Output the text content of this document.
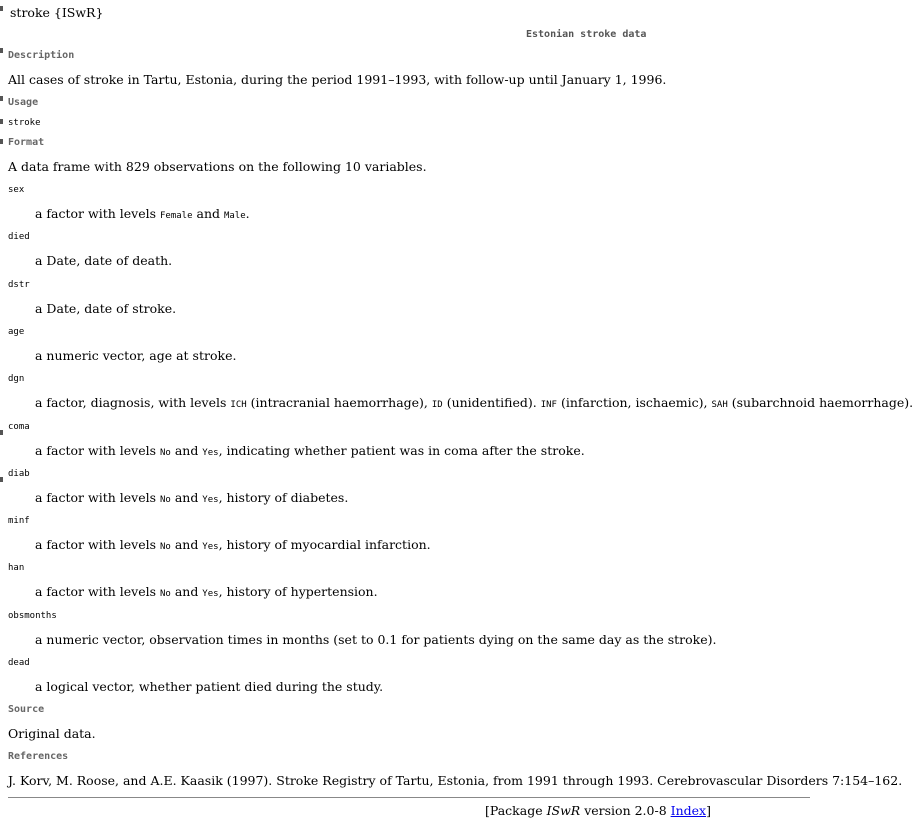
stroke {ISwR}
Estonian stroke data
Description
All cases of stroke in Tartu, Estonia, during the period 1991–1993, with follow-up until January 1, 1996.
Usage
stroke
Format
A data frame with 829 observations on the following 10 variables.
sex
a factor with levels Female and Male.
died
a Date, date of death.
dstr
a Date, date of stroke.
age
a numeric vector, age at stroke.
dgn
a factor, diagnosis, with levels ICH (intracranial haemorrhage), ID (unidentified). INF (infarction, ischaemic), SAH (subarchnoid haemorrhage).
coma
a factor with levels No and Yes, indicating whether patient was in coma after the stroke.
diab
a factor with levels No and Yes, history of diabetes.
minf
a factor with levels No and Yes, history of myocardial infarction.
han
a factor with levels No and Yes, history of hypertension.
obsmonths
a numeric vector, observation times in months (set to 0.1 for patients dying on the same day as the stroke).
dead
a logical vector, whether patient died during the study.
Source
Original data.
References
J. Korv, M. Roose, and A.E. Kaasik (1997). Stroke Registry of Tartu, Estonia, from 1991 through 1993. Cerebrovascular Disorders 7:154–162.
[Package ISwR version 2.0-8 Index]
